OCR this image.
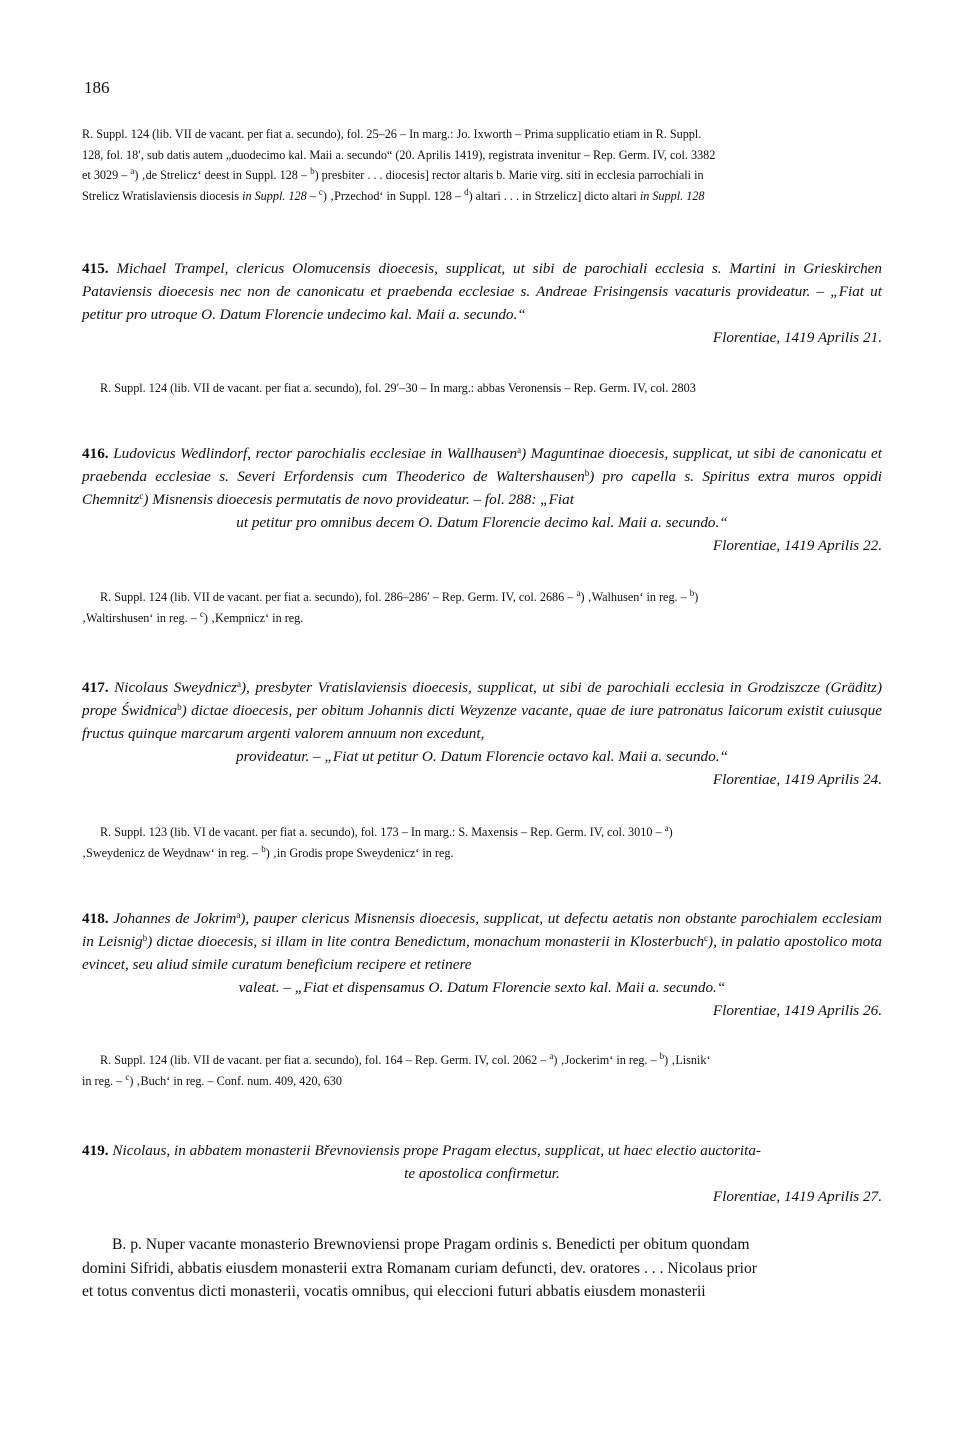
186

R. Suppl. 124 (lib. VII de vacant. per fiat a. secundo), fol. 25–26 – In marg.: Jo. Ixworth – Prima supplicatio etiam in R. Suppl.

128, fol. 18′, sub datis autem „duodecimo kal. Maii a. secundo“ (20. Aprilis 1419), registrata invenitur – Rep. Germ. IV, col. 3382

et 3029 – $^a$) ‚de Strelicz‘ deest in Suppl. 128 – $^b$) presbiter . . . diocesis] rector altaris b. Marie virg. siti in ecclesia parrochiali in

Strelicz Wratislaviensis diocesis in Suppl. 128 – $^c$) ‚Przechod‘ in Suppl. 128 – $^d$) altari . . . in Strzelicz] dicto altari in Suppl. 128

415. Michael Trampel, clericus Olomucensis dioecesis, supplicat, ut sibi de parochiali ecclesia s. Martini in Grieskirchen Pataviensis dioecesis nec non de canonicatu et praebenda ecclesiae s. Andreae Frisingensis vacaturis provideatur. – „Fiat ut petitur pro utroque O. Datum Florencie undecimo kal. Maii a. secundo.“

Florentiae, 1419 Aprilis 21.

R. Suppl. 124 (lib. VII de vacant. per fiat a. secundo), fol. 29′–30 – In marg.: abbas Veronensis – Rep. Germ. IV, col. 2803

416. Ludovicus Wedlindorf, rector parochialis ecclesiae in Wallhausen$^a$) Maguntinae dioecesis, supplicat, ut sibi de canonicatu et praebenda ecclesiae s. Severi Erfordensis cum Theoderico de Waltershausen$^b$) pro capella s. Spiritus extra muros oppidi Chemnitz$^c$) Misnensis dioecesis permutatis de novo provideatur. – fol. 288: „Fiat

ut petitur pro omnibus decem O. Datum Florencie decimo kal. Maii a. secundo.“

Florentiae, 1419 Aprilis 22.

R. Suppl. 124 (lib. VII de vacant. per fiat a. secundo), fol. 286–286′ – Rep. Germ. IV, col. 2686 – $^a$) ‚Walhusen‘ in reg. – $^b$)

‚Waltirshusen‘ in reg. – $^c$) ‚Kempnicz‘ in reg.

417. Nicolaus Sweydnicz$^a$), presbyter Vratislaviensis dioecesis, supplicat, ut sibi de parochiali ecclesia in Grodziszcze (Gräditz) prope Świdnica$^b$) dictae dioecesis, per obitum Johannis dicti Weyzenze vacante, quae de iure patronatus laicorum existit cuiusque fructus quinque marcarum argenti valorem annuum non excedunt,

provideatur. – „Fiat ut petitur O. Datum Florencie octavo kal. Maii a. secundo.“

Florentiae, 1419 Aprilis 24.

R. Suppl. 123 (lib. VI de vacant. per fiat a. secundo), fol. 173 – In marg.: S. Maxensis – Rep. Germ. IV, col. 3010 – $^a$)

‚Sweydenicz de Weydnaw‘ in reg. – $^b$) ‚in Grodis prope Sweydenicz‘ in reg.

418. Johannes de Jokrim$^a$), pauper clericus Misnensis dioecesis, supplicat, ut defectu aetatis non obstante parochialem ecclesiam in Leisnig$^b$) dictae dioecesis, si illam in lite contra Benedictum, monachum monasterii in Klosterbuch$^c$), in palatio apostolico mota evincet, seu aliud simile curatum beneficium recipere et retinere

valeat. – „Fiat et dispensamus O. Datum Florencie sexto kal. Maii a. secundo.“

Florentiae, 1419 Aprilis 26.

R. Suppl. 124 (lib. VII de vacant. per fiat a. secundo), fol. 164 – Rep. Germ. IV, col. 2062 – $^a$) ‚Jockerim‘ in reg. – $^b$) ‚Lisnik‘

in reg. – $^c$) ‚Buch‘ in reg. – Conf. num. 409, 420, 630

419. Nicolaus, in abbatem monasterii Břevnoviensis prope Pragam electus, supplicat, ut haec electio auctorita-

te apostolica confirmetur.

Florentiae, 1419 Aprilis 27.

B. p. Nuper vacante monasterio Brewnoviensi prope Pragam ordinis s. Benedicti per obitum quondam

domini Sifridi, abbatis eiusdem monasterii extra Romanam curiam defuncti, dev. oratores . . . Nicolaus prior

et totus conventus dicti monasterii, vocatis omnibus, qui eleccioni futuri abbatis eiusdem monasterii
